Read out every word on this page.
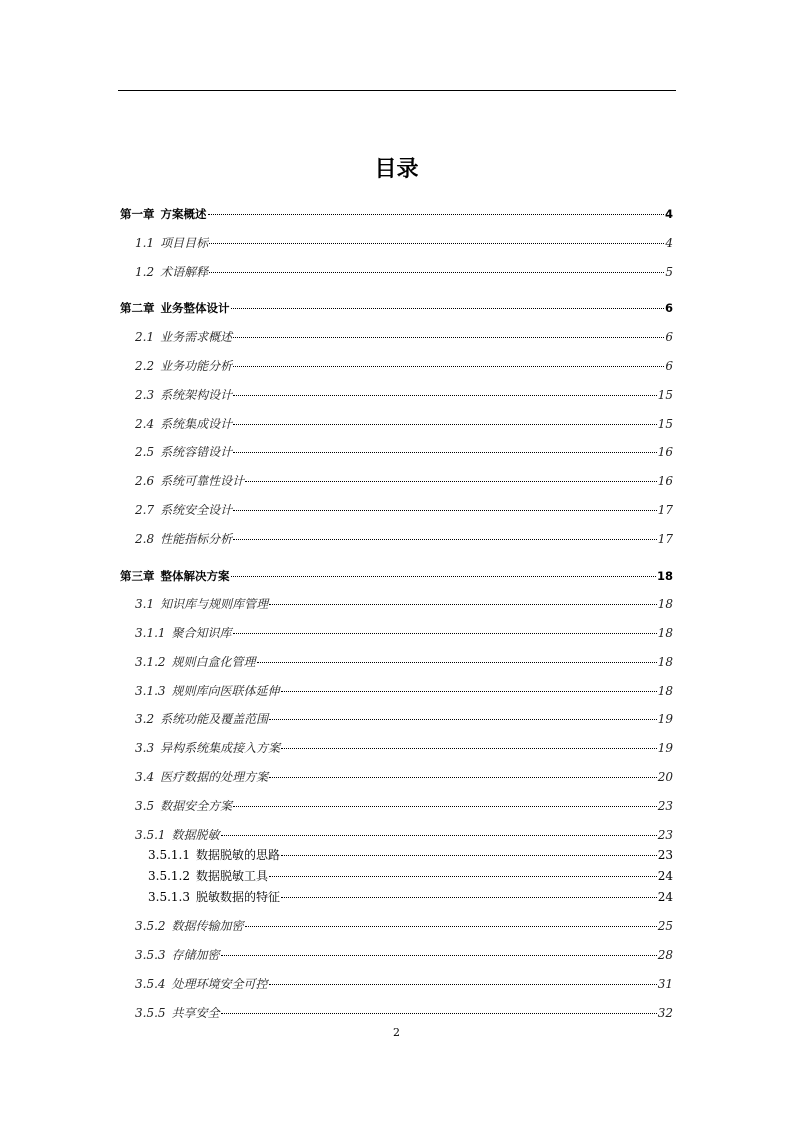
目录
第一章 方案概述	4
1.1 项目目标	4
1.2 术语解释	5
第二章 业务整体设计	6
2.1 业务需求概述	6
2.2 业务功能分析	6
2.3 系统架构设计	15
2.4 系统集成设计	15
2.5 系统容错设计	16
2.6 系统可靠性设计	16
2.7 系统安全设计	17
2.8 性能指标分析	17
第三章 整体解决方案	18
3.1 知识库与规则库管理	18
3.1.1 聚合知识库	18
3.1.2 规则白盒化管理	18
3.1.3 规则库向医联体延伸	18
3.2 系统功能及覆盖范围	19
3.3 异构系统集成接入方案	19
3.4 医疗数据的处理方案	20
3.5 数据安全方案	23
3.5.1 数据脱敏	23
3.5.1.1 数据脱敏的思路	23
3.5.1.2 数据脱敏工具	24
3.5.1.3 脱敏数据的特征	24
3.5.2 数据传输加密	25
3.5.3 存储加密	28
3.5.4 处理环境安全可控	31
3.5.5 共享安全	32
2
